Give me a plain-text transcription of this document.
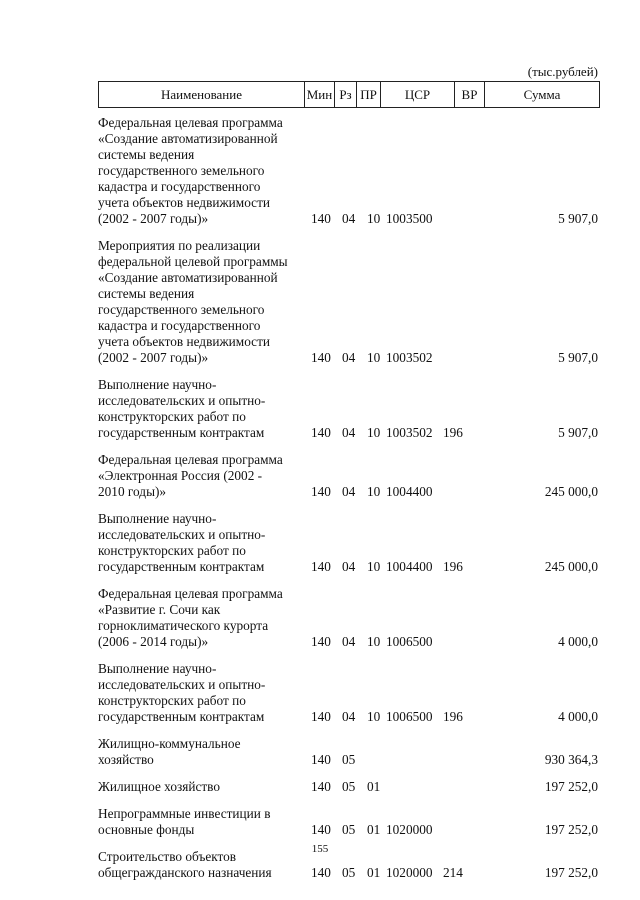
(тыс.рублей)
Наименование	Мин Рз ПР	ЦСР	ВР	Сумма
Федеральная целевая программа
«Создание автоматизированной
системы ведения
государственного земельного
кадастра и государственного
учета объектов недвижимости
(2002 - 2007 годы)»	140 04 10 1003500	5 907,0
Мероприятия по реализации
федеральной целевой программы
«Создание автоматизированной
системы ведения
государственного земельного
кадастра и государственного
учета объектов недвижимости
(2002 - 2007 годы)»	140 04 10 1003502	5 907,0
Выполнение научно-
исследовательских и опытно-
конструкторских работ по
государственным контрактам	140 04 10 1003502 196	5 907,0
Федеральная целевая программа
«Электронная Россия (2002 -
2010 годы)»	140 04 10 1004400	245 000,0
Выполнение научно-
исследовательских и опытно-
конструкторских работ по
государственным контрактам	140 04 10 1004400 196	245 000,0
Федеральная целевая программа
«Развитие г. Сочи как
горноклиматического курорта
(2006 - 2014 годы)»	140 04 10 1006500	4 000,0
Выполнение научно-
исследовательских и опытно-
конструкторских работ по
государственным контрактам	140 04 10 1006500 196	4 000,0
Жилищно-коммунальное
хозяйство	140 05	930 364,3
Жилищное хозяйство	140 05 01	197 252,0
Непрограммные инвестиции в
основные фонды	140 05 01 1020000	197 252,0
Строительство объектов
общегражданского назначения	140 05 01 1020000 214	197 252,0
155
